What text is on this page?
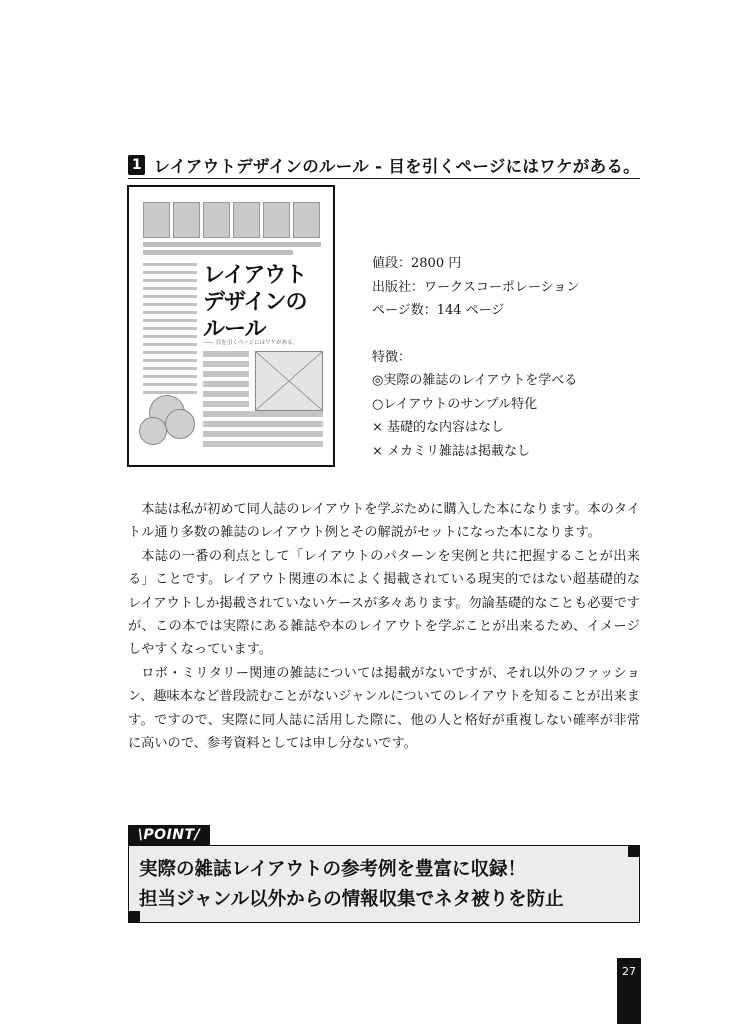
1 レイアウトデザインのルール - 目を引くページにはワケがある。
レイアウト
デザインの
ルール
―― 目を引くページにはワケがある。
値段：2800 円
出版社：ワークスコーポレーション
ページ数：144 ページ
特徴：
◎実際の雑誌のレイアウトを学べる
○レイアウトのサンプル特化
× 基礎的な内容はなし
× メカミリ雑誌は掲載なし

本誌は私が初めて同人誌のレイアウトを学ぶために購入した本になります。本のタイトル通り多数の雑誌のレイアウト例とその解説がセットになった本になります。

本誌の一番の利点として「レイアウトのパターンを実例と共に把握することが出来る」ことです。レイアウト関連の本によく掲載されている現実的ではない超基礎的なレイアウトしか掲載されていないケースが多々あります。勿論基礎的なことも必要ですが、この本では実際にある雑誌や本のレイアウトを学ぶことが出来るため、イメージしやすくなっています。

ロボ・ミリタリー関連の雑誌については掲載がないですが、それ以外のファッション、趣味本など普段読むことがないジャンルについてのレイアウトを知ることが出来ます。ですので、実際に同人誌に活用した際に、他の人と格好が重複しない確率が非常に高いので、参考資料としては申し分ないです。

\POINT/
実際の雑誌レイアウトの参考例を豊富に収録！
担当ジャンル以外からの情報収集でネタ被りを防止
27
